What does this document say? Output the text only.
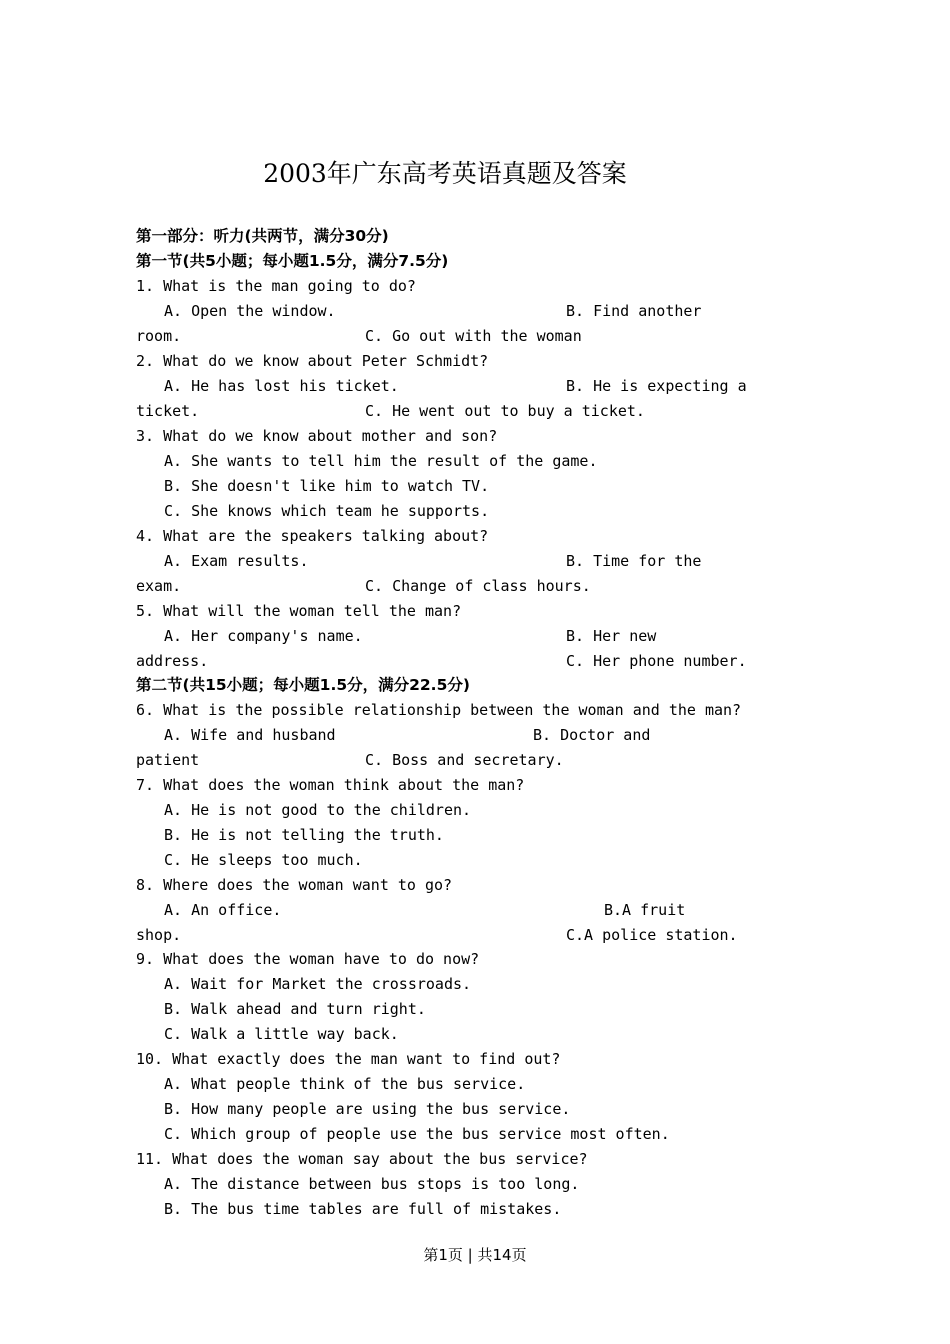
2003年广东高考英语真题及答案
第一部分：听力(共两节，满分30分)
第一节(共5小题；每小题1.5分，满分7.5分)
1. What is the man going to do?
A. Open the window.	B. Find another
room.	C. Go out with the woman
2. What do we know about Peter Schmidt?
A. He has lost his ticket.	B. He is expecting a
ticket.	C. He went out to buy a ticket.
3. What do we know about mother and son?
A. She wants to tell him the result of the game.
B. She doesn't like him to watch TV.
C. She knows which team he supports.
4. What are the speakers talking about?
A. Exam results.	B. Time for the
exam.	C. Change of class hours.
5. What will the woman tell the man?
A. Her company's name.	B. Her new
address.	C. Her phone number.
第二节(共15小题；每小题1.5分，满分22.5分)
6. What is the possible relationship between the woman and the man?
A. Wife and husband	B. Doctor and
patient	C. Boss and secretary.
7. What does the woman think about the man?
A. He is not good to the children.
B. He is not telling the truth.
C. He sleeps too much.
8. Where does the woman want to go?
A. An office.	B.A fruit
shop.	C.A police station.
9. What does the woman have to do now?
A. Wait for Market the crossroads.
B. Walk ahead and turn right.
C. Walk a little way back.
10. What exactly does the man want to find out?
A. What people think of the bus service.
B. How many people are using the bus service.
C. Which group of people use the bus service most often.
11. What does the woman say about the bus service?
A. The distance between bus stops is too long.
B. The bus time tables are full of mistakes.
第1页 | 共14页
